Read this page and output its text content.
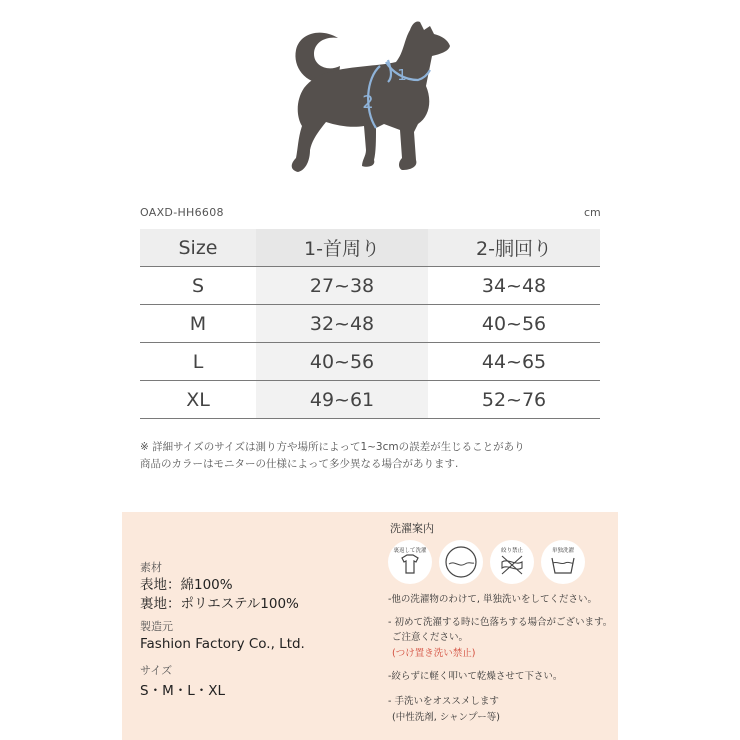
1
2
OAXD-HH6608	cm
Size	1-首周り	2-胴回り
S	27~38	34~48
M	32~48	40~56
L	40~56	44~65
XL	49~61	52~76
※ 詳細サイズのサイズは測り方や場所によって1~3cmの誤差が生じることがあり
商品のカラーはモニターの仕様によって多少異なる場合があります.
素材
表地：綿100%
裏地：ポリエステル100%
製造元
Fashion Factory Co., Ltd.
サイズ
S・M・L・XL
洗濯案内
裏返して洗濯
ドライ
絞り禁止	単独洗濯
-他の洗濯物のわけて, 単独洗いをしてください。
- 初めて洗濯する時に色落ちする場合がございます。
ご注意ください。
(つけ置き洗い禁止)
-絞らずに軽く叩いて乾燥させて下さい。
- 手洗いをオススメします
(中性洗剤, シャンプー等)
